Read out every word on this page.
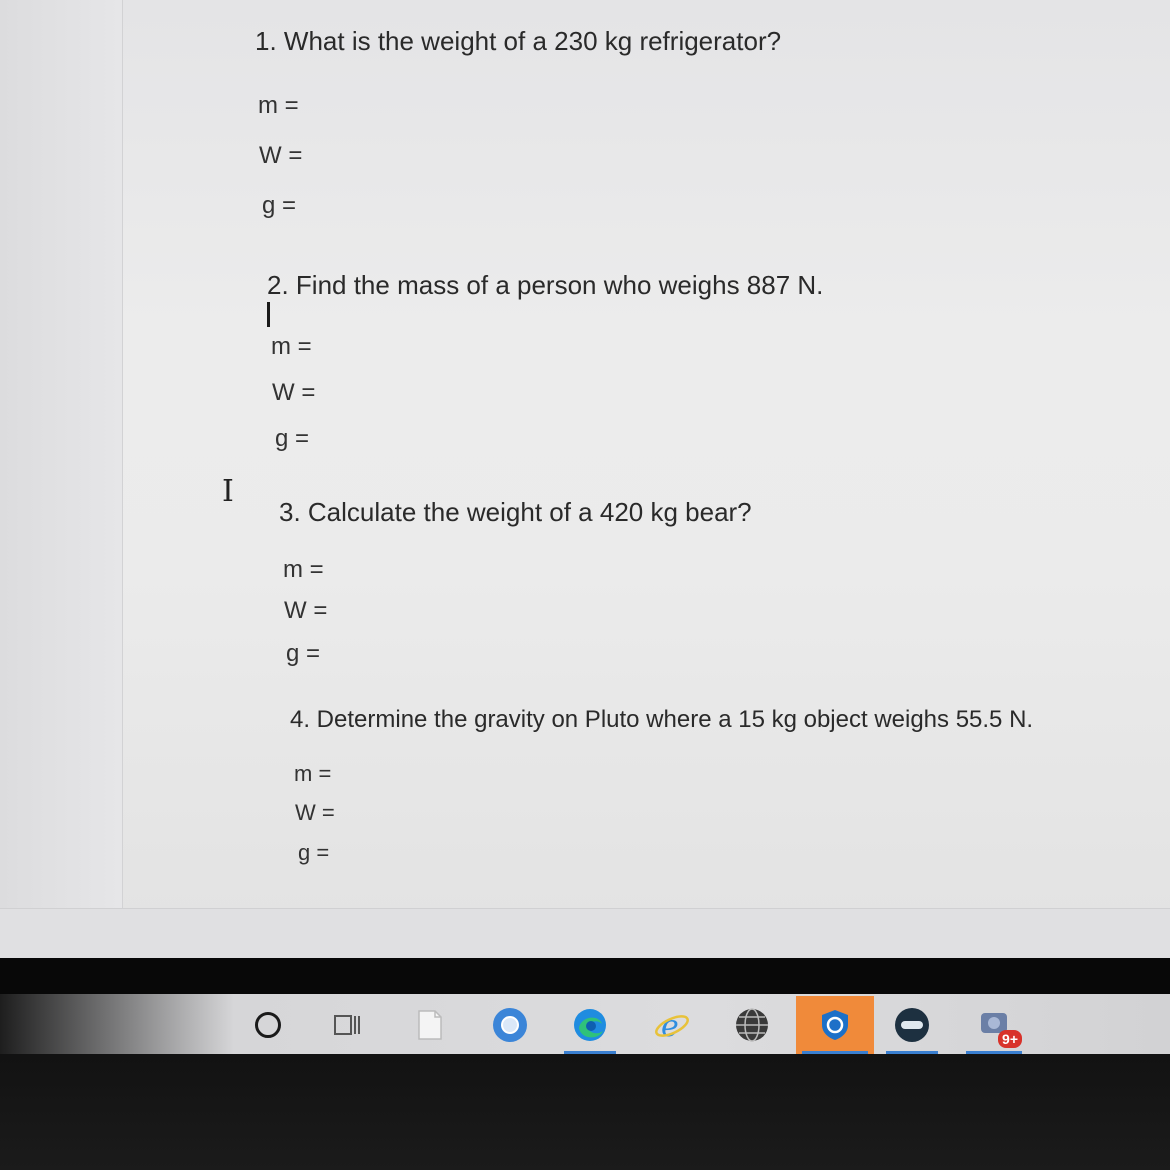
1. What is the weight of a 230 kg refrigerator?
m =
W =
g =
2. Find the mass of a person who weighs 887 N.
m =
W =
g =
I
3. Calculate the weight of a 420 kg bear?
m =
W =
g =
4. Determine the gravity on Pluto where a 15 kg object weighs 55.5 N.
m =
W =
g =
e	9+
